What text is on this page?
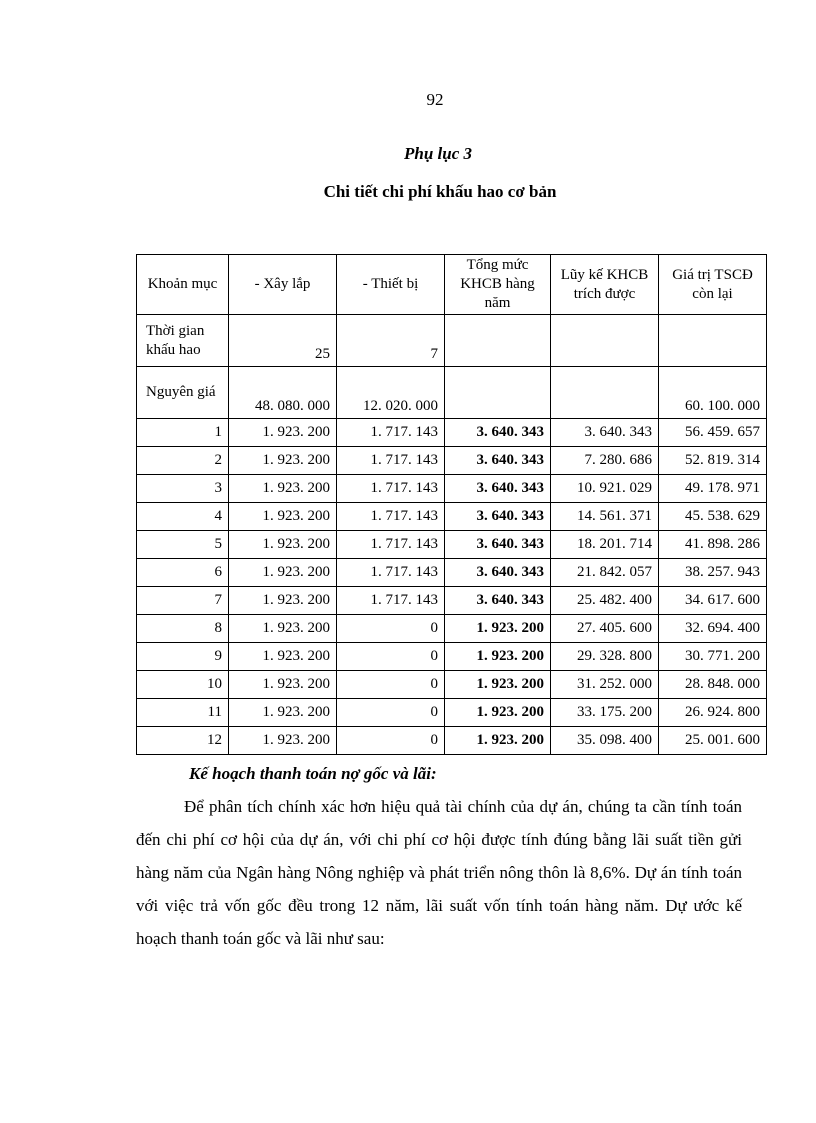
92
Phụ lục 3
Chi tiết chi phí khấu hao cơ bản
Khoản mục	- Xây lắp	- Thiết bị	Tổng mức KHCB hàng năm	Lũy kế KHCB trích được	Giá trị TSCĐ còn lại
Thời gian khấu hao	25	7			
Nguyên giá	48. 080. 000	12. 020. 000			60. 100. 000
1	1. 923. 200	1. 717. 143	3. 640. 343	3. 640. 343	56. 459. 657
2	1. 923. 200	1. 717. 143	3. 640. 343	7. 280. 686	52. 819. 314
3	1. 923. 200	1. 717. 143	3. 640. 343	10. 921. 029	49. 178. 971
4	1. 923. 200	1. 717. 143	3. 640. 343	14. 561. 371	45. 538. 629
5	1. 923. 200	1. 717. 143	3. 640. 343	18. 201. 714	41. 898. 286
6	1. 923. 200	1. 717. 143	3. 640. 343	21. 842. 057	38. 257. 943
7	1. 923. 200	1. 717. 143	3. 640. 343	25. 482. 400	34. 617. 600
8	1. 923. 200	0	1. 923. 200	27. 405. 600	32. 694. 400
9	1. 923. 200	0	1. 923. 200	29. 328. 800	30. 771. 200
10	1. 923. 200	0	1. 923. 200	31. 252. 000	28. 848. 000
11	1. 923. 200	0	1. 923. 200	33. 175. 200	26. 924. 800
12	1. 923. 200	0	1. 923. 200	35. 098. 400	25. 001. 600
Kế hoạch thanh toán nợ gốc và lãi:

Để phân tích chính xác hơn hiệu quả tài chính của dự án, chúng ta cần tính toán đến chi phí cơ hội của dự án, với chi phí cơ hội được tính đúng bằng lãi suất tiền gửi hàng năm của Ngân hàng Nông nghiệp và phát triển nông thôn là 8,6%. Dự án tính toán với việc trả vốn gốc đều trong 12 năm, lãi suất vốn tính toán hàng năm. Dự ước kế hoạch thanh toán gốc và lãi như sau:
